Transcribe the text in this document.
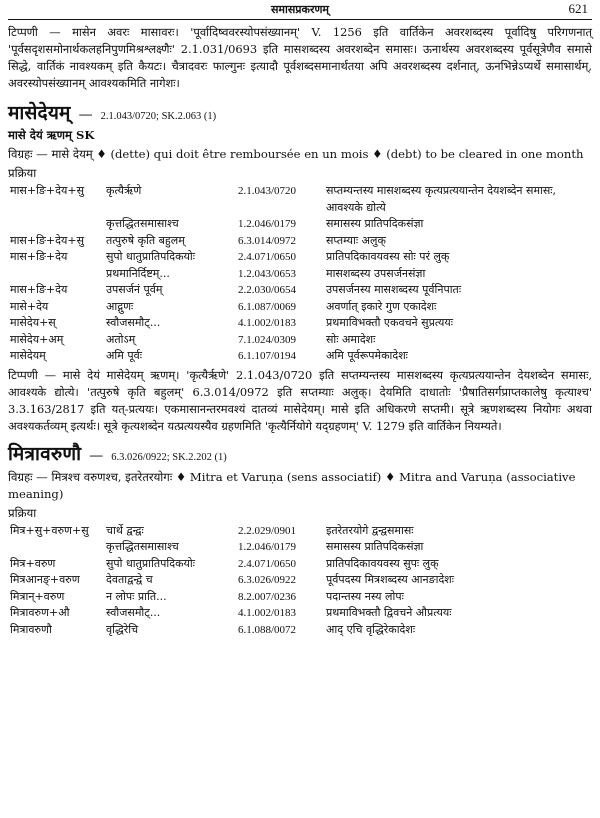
समासप्रकरणम्	621

टिप्पणी — मासेन अवरः मासावरः। 'पूर्वादिष्ववरस्योपसंख्यानम्' V. 1256 इति वार्तिकेन अवरशब्दस्य पूर्वादिषु परिगणनात् 'पूर्वसदृशसमोनार्थकलहनिपुणमिश्रश्लक्ष्णैः' 2.1.031/0693 इति मासशब्दस्य अवरशब्देन समासः। ऊनार्थस्य अवरशब्दस्य पूर्वसूत्रेणैव समासे सिद्धे, वार्तिकं नावश्यकम् इति कैयटः। चैत्रादवरः फाल्गुनः इत्यादौ पूर्वशब्दसमानार्थतया अपि अवरशब्दस्य दर्शनात्, ऊनभिन्नेऽप्यर्थे समासार्थम्, अवरस्योपसंख्यानम् आवश्यकमिति नागेशः।

मासेदेयम् — 2.1.043/0720; SK.2.063 (1)
मासे देयं ऋणम् SK
विग्रहः — मासे देयम् ♦ (dette) qui doit être remboursée en un mois ♦ (debt) to be cleared in one month
प्रक्रिया
मास+ङि+देय+सु	कृत्यैर्ऋणे	2.1.043/0720	सप्तम्यन्तस्य मासशब्दस्य कृत्यप्रत्ययान्तेन देयशब्देन समासः, आवश्यके द्योत्ये
	कृत्तद्धितसमासाश्च	1.2.046/0179	समासस्य प्रातिपदिकसंज्ञा
मास+ङि+देय+सु	तत्पुरुषे कृति बहुलम्	6.3.014/0972	सप्तम्याः अलुक्
मास+ङि+देय	सुपो धातुप्रातिपदिकयोः	2.4.071/0650	प्रातिपदिकावयवस्य सोः परं लुक्
	प्रथमानिर्दिष्टम्...	1.2.043/0653	मासशब्दस्य उपसर्जनसंज्ञा
मास+ङि+देय	उपसर्जनं पूर्वम्	2.2.030/0654	उपसर्जनस्य मासशब्दस्य पूर्वनिपातः
मासे+देय	आद्गुणः	6.1.087/0069	अवर्णात् इकारे गुण एकादेशः
मासेदेय+स्	स्वौजसमौट्...	4.1.002/0183	प्रथमाविभक्तौ एकवचने सुप्रत्ययः
मासेदेय+अम्	अतोऽम्	7.1.024/0309	सोः अमादेशः
मासेदेयम्	अमि पूर्वः	6.1.107/0194	अमि पूर्वरूपमेकादेशः

टिप्पणी — मासे देयं मासेदेयम् ऋणम्। 'कृत्यैर्ऋणे' 2.1.043/0720 इति सप्तम्यन्तस्य मासशब्दस्य कृत्यप्रत्ययान्तेन देयशब्देन समासः, आवश्यके द्योत्ये। 'तत्पुरुषे कृति बहुलम्' 6.3.014/0972 इति सप्तम्याः अलुक्। देयमिति दाधातोः 'प्रैषातिसर्गप्राप्तकालेषु कृत्याश्च' 3.3.163/2817 इति यत्-प्रत्ययः। एकमासानन्तरमवश्यं दातव्यं मासेदेयम्। मासे इति अधिकरणे सप्तमी। सूत्रे ऋणशब्दस्य नियोगः अथवा अवश्यकर्तव्यम् इत्यर्थः। सूत्रे कृत्यशब्देन यत्प्रत्ययस्यैव ग्रहणमिति 'कृत्यैर्नियोगे यद्ग्रहणम्' V. 1279 इति वार्तिकेन नियम्यते।

मित्रावरुणौ — 6.3.026/0922; SK.2.202 (1)
विग्रहः — मित्रश्च वरुणश्च, इतरेतरयोगः ♦ Mitra et Varuṇa (sens associatif) ♦ Mitra and Varuṇa (associative meaning)
प्रक्रिया
मित्र+सु+वरुण+सु	चार्थे द्वन्द्वः	2.2.029/0901	इतरेतरयोगे द्वन्द्वसमासः
	कृत्तद्धितसमासाश्च	1.2.046/0179	समासस्य प्रातिपदिकसंज्ञा
मित्र+वरुण	सुपो धातुप्रातिपदिकयोः	2.4.071/0650	प्रातिपदिकावयवस्य सुपः लुक्
मित्रआनङ्+वरुण	देवताद्वन्द्वे च	6.3.026/0922	पूर्वपदस्य मित्रशब्दस्य आनङादेशः
मित्रान्+वरुण	न लोपः प्राति...	8.2.007/0236	पदान्तस्य नस्य लोपः
मित्रावरुण+औ	स्वौजसमौट्...	4.1.002/0183	प्रथमाविभक्तौ द्विवचने औप्रत्ययः
मित्रावरुणौ	वृद्धिरेचि	6.1.088/0072	आद् एचि वृद्धिरेकादेशः
